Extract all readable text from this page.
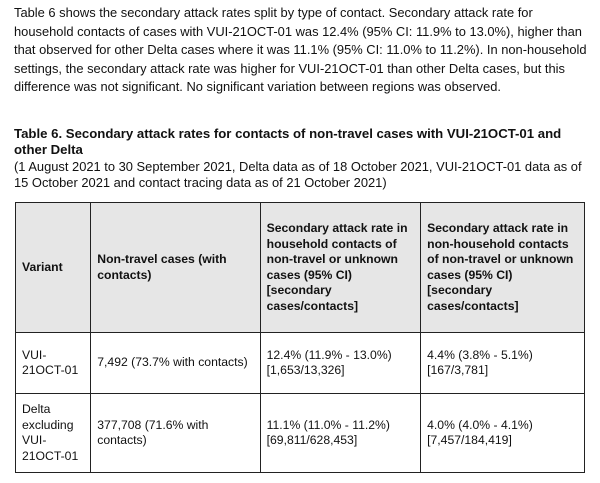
Table 6 shows the secondary attack rates split by type of contact. Secondary attack rate for household contacts of cases with VUI-21OCT-01 was 12.4% (95% CI: 11.9% to 13.0%), higher than that observed for other Delta cases where it was 11.1% (95% CI: 11.0% to 11.2%). In non-household settings, the secondary attack rate was higher for VUI-21OCT-01 than other Delta cases, but this difference was not significant. No significant variation between regions was observed.

Table 6. Secondary attack rates for contacts of non-travel cases with VUI-21OCT-01 and other Delta

(1 August 2021 to 30 September 2021, Delta data as of 18 October 2021, VUI-21OCT-01 data as of 15 October 2021 and contact tracing data as of 21 October 2021)

Variant	Non-travel cases (with contacts)	Secondary attack rate in household contacts of non-travel or unknown cases (95% CI) [secondary cases/contacts]	Secondary attack rate in non-household contacts of non-travel or unknown cases (95% CI) [secondary cases/contacts]
VUI-21OCT-01	7,492 (73.7% with contacts)	12.4% (11.9% - 13.0%) [1,653/13,326]	4.4% (3.8% - 5.1%) [167/3,781]
Delta excluding VUI-21OCT-01	377,708 (71.6% with contacts)	11.1% (11.0% - 11.2%) [69,811/628,453]	4.0% (4.0% - 4.1%) [7,457/184,419]
